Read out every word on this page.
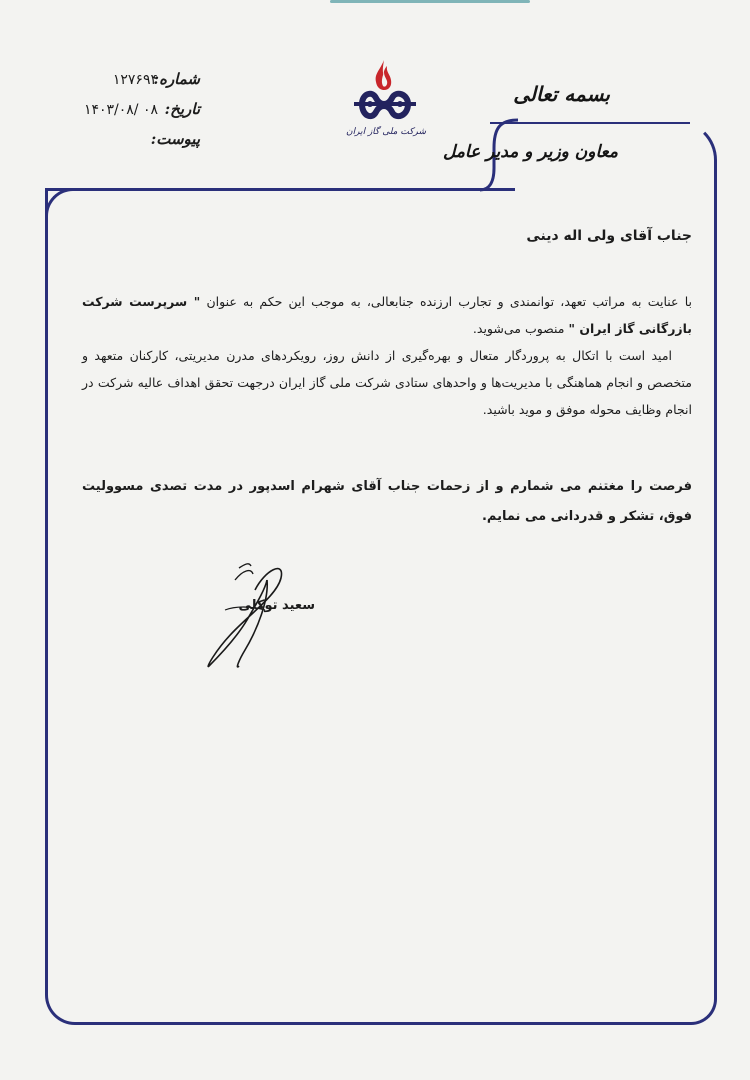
بسمه تعالی
معاون وزیر و مدیر عامل
شرکت ملی گاز ایران
شماره:
۱۲۷۶۹۴
تاریخ:
۱۴۰۳/۰۸/ ۰۸
پیوست:
جناب آقای ولی اله دینی

با عنایت به مراتب تعهد، توانمندی و تجارب ارزنده جنابعالی، به موجب این حکم به عنوان " سرپرست شرکت بازرگانی گاز ایران " منصوب می‌شوید.

امید است با اتکال به پروردگار متعال و بهره‌گیری از دانش روز، رویکردهای مدرن مدیریتی، کارکنان متعهد و متخصص و انجام هماهنگی با مدیریت‌ها و واحدهای ستادی شرکت ملی گاز ایران درجهت تحقق اهداف عالیه شرکت در انجام وظایف محوله موفق و موید باشید.

فرصت را مغتنم می شمارم و از زحمات جناب آقای شهرام اسدپور در مدت تصدی مسوولیت فوق، تشکر و قدردانی می نمایم.
سعید توکلی
